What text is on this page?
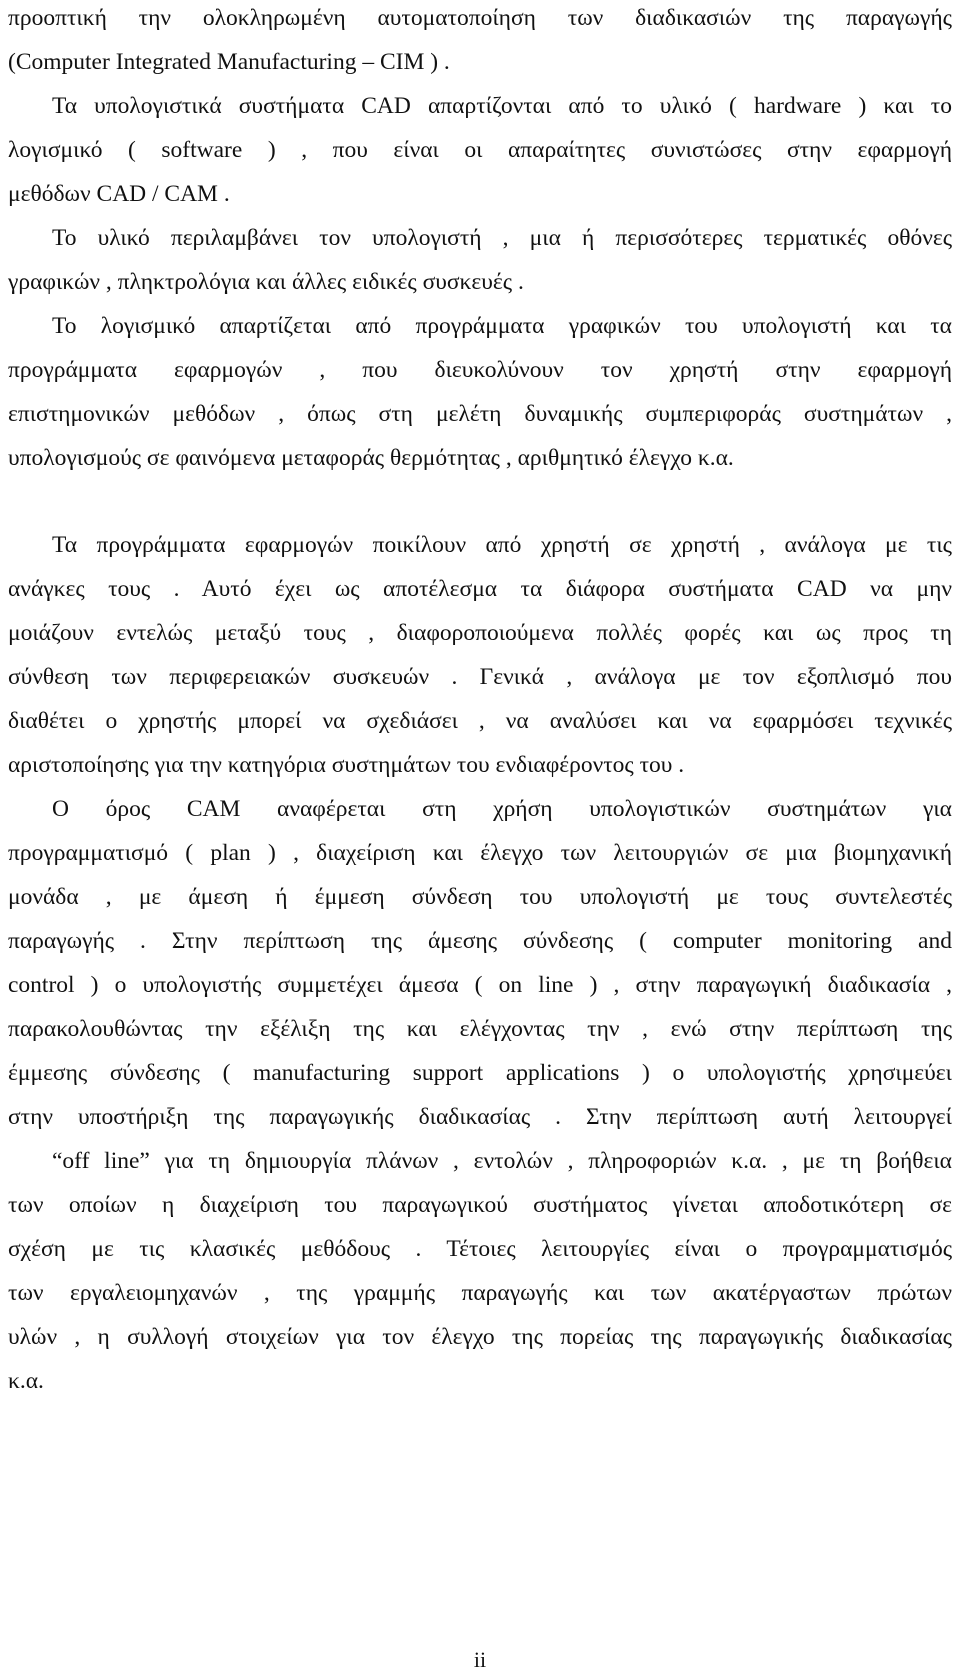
προοπτική την ολοκληρωμένη αυτοματοποίηση των διαδικασιών της παραγωγής
(Computer Integrated Manufacturing – CIM ) .
Τα υπολογιστικά συστήματα CAD απαρτίζονται από το υλικό ( hardware ) και το
λογισμικό ( software ) , που είναι οι απαραίτητες συνιστώσες στην εφαρμογή
μεθόδων CAD / CAM .
Το υλικό περιλαμβάνει τον υπολογιστή , μια ή περισσότερες τερματικές οθόνες
γραφικών , πληκτρολόγια και άλλες ειδικές συσκευές .
Το λογισμικό απαρτίζεται από προγράμματα γραφικών του υπολογιστή και τα
προγράμματα εφαρμογών , που διευκολύνουν τον χρηστή στην εφαρμογή
επιστημονικών μεθόδων , όπως στη μελέτη δυναμικής συμπεριφοράς συστημάτων ,
υπολογισμούς σε φαινόμενα μεταφοράς θερμότητας , αριθμητικό έλεγχο κ.α.
Τα προγράμματα εφαρμογών ποικίλουν από χρηστή σε χρηστή , ανάλογα με τις
ανάγκες τους . Αυτό έχει ως αποτέλεσμα τα διάφορα συστήματα CAD να μην
μοιάζουν εντελώς μεταξύ τους , διαφοροποιούμενα πολλές φορές και ως προς τη
σύνθεση των περιφερειακών συσκευών . Γενικά , ανάλογα με τον εξοπλισμό που
διαθέτει ο χρηστής μπορεί να σχεδιάσει , να αναλύσει και να εφαρμόσει τεχνικές
αριστοποίησης για την κατηγόρια συστημάτων του ενδιαφέροντος του .
Ο όρος CAM αναφέρεται στη χρήση υπολογιστικών συστημάτων για
προγραμματισμό ( plan ) , διαχείριση και έλεγχο των λειτουργιών σε μια βιομηχανική
μονάδα , με άμεση ή έμμεση σύνδεση του υπολογιστή με τους συντελεστές
παραγωγής . Στην περίπτωση της άμεσης σύνδεσης ( computer monitoring and
control ) ο υπολογιστής συμμετέχει άμεσα ( on line ) , στην παραγωγική διαδικασία ,
παρακολουθώντας την εξέλιξη της και ελέγχοντας την , ενώ στην περίπτωση της
έμμεσης σύνδεσης ( manufacturing support applications ) ο υπολογιστής χρησιμεύει
στην υποστήριξη της παραγωγικής διαδικασίας . Στην περίπτωση αυτή λειτουργεί
“off line” για τη δημιουργία πλάνων , εντολών , πληροφοριών κ.α. , με τη βοήθεια
των οποίων η διαχείριση του παραγωγικού συστήματος γίνεται αποδοτικότερη σε
σχέση με τις κλασικές μεθόδους . Τέτοιες λειτουργίες είναι ο προγραμματισμός
των εργαλειομηχανών , της γραμμής παραγωγής και των ακατέργαστων πρώτων
υλών , η συλλογή στοιχείων για τον έλεγχο της πορείας της παραγωγικής διαδικασίας
κ.α.
ii
